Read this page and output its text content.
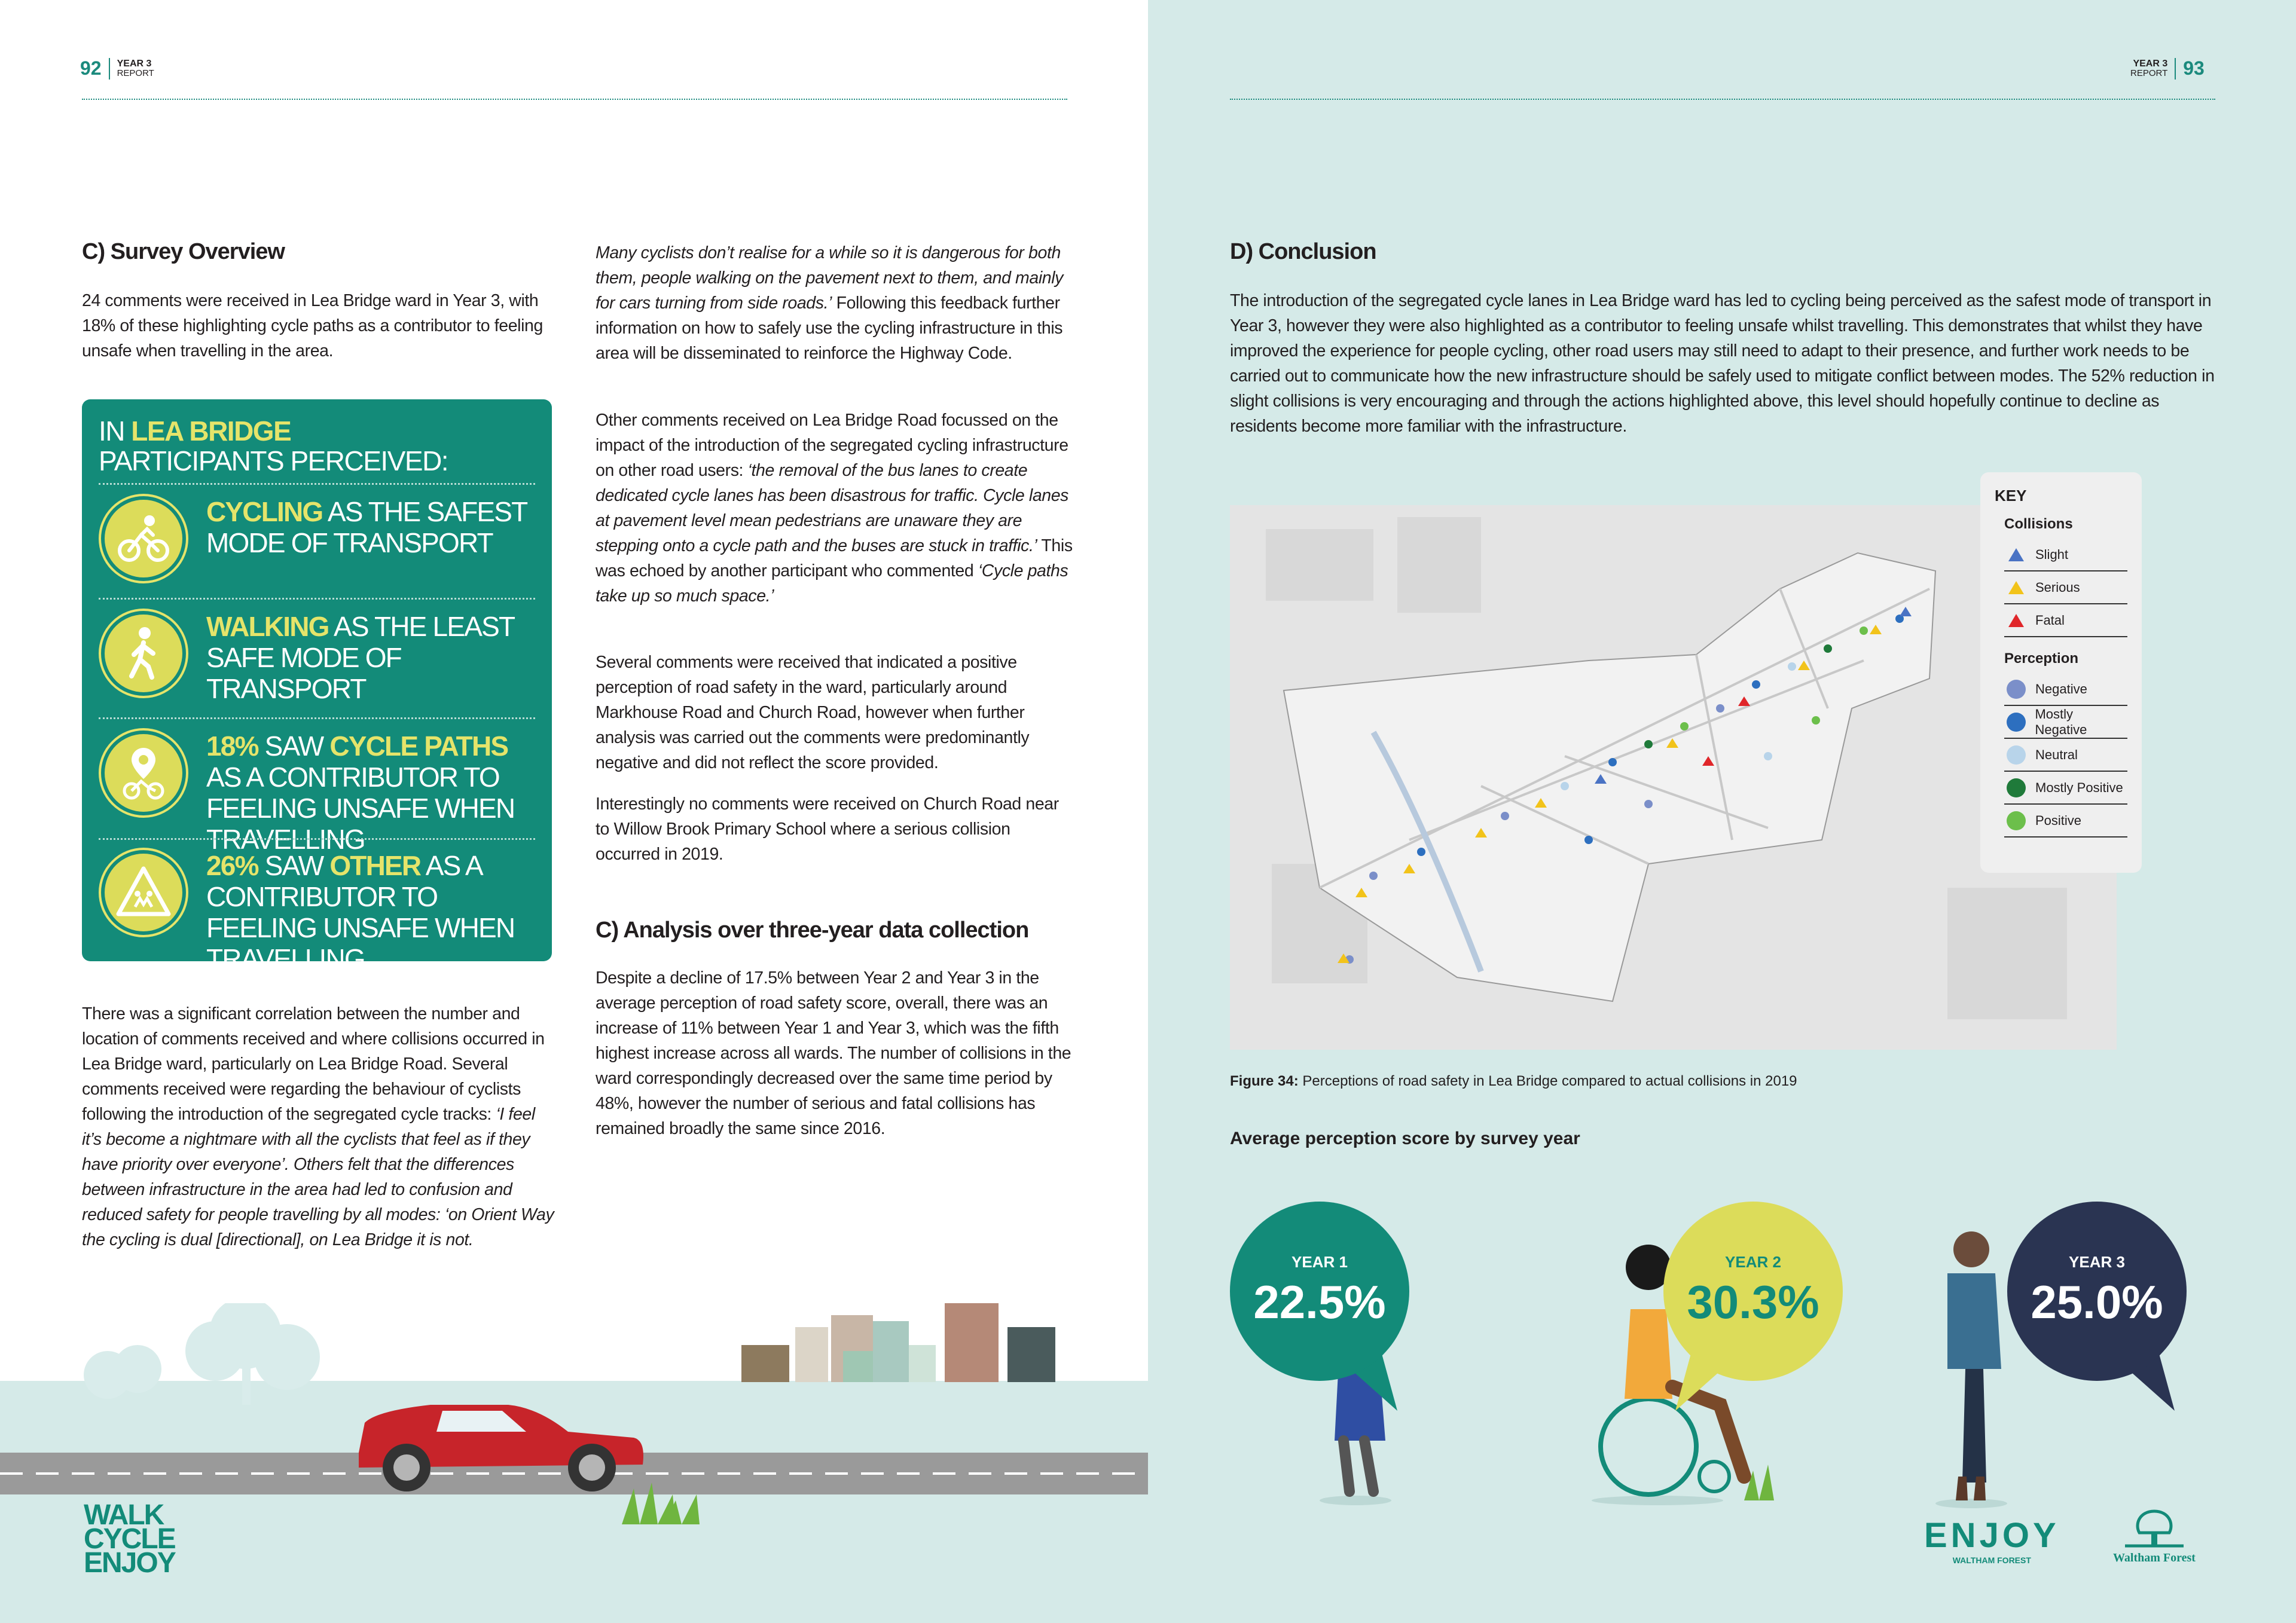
92 YEAR 3
REPORT
C) Survey Overview

24 comments were received in Lea Bridge ward in Year 3, with 18% of these highlighting cycle paths as a contributor to feeling unsafe when travelling in the area.

IN LEA BRIDGE
PARTICIPANTS PERCEIVED:
CYCLING AS THE SAFEST MODE OF TRANSPORT
WALKING AS THE LEAST SAFE MODE OF TRANSPORT
18% SAW CYCLE PATHS AS A CONTRIBUTOR TO FEELING UNSAFE WHEN TRAVELLING
26% SAW OTHER AS A CONTRIBUTOR TO FEELING UNSAFE WHEN TRAVELLING

There was a significant correlation between the number and location of comments received and where collisions occurred in Lea Bridge ward, particularly on Lea Bridge Road. Several comments received were regarding the behaviour of cyclists following the introduction of the segregated cycle tracks: ‘I feel it’s become a nightmare with all the cyclists that feel as if they have priority over everyone’. Others felt that the differences between infrastructure in the area had led to confusion and reduced safety for people travelling by all modes: ‘on Orient Way the cycling is dual [directional], on Lea Bridge it is not.

Many cyclists don’t realise for a while so it is dangerous for both them, people walking on the pavement next to them, and mainly for cars turning from side roads.’ Following this feedback further information on how to safely use the cycling infrastructure in this area will be disseminated to reinforce the Highway Code.

Other comments received on Lea Bridge Road focussed on the impact of the introduction of the segregated cycling infrastructure on other road users: ‘the removal of the bus lanes to create dedicated cycle lanes has been disastrous for traffic. Cycle lanes at pavement level mean pedestrians are unaware they are stepping onto a cycle path and the buses are stuck in traffic.’ This was echoed by another participant who commented ‘Cycle paths take up so much space.’

Several comments were received that indicated a positive perception of road safety in the ward, particularly around Markhouse Road and Church Road, however when further analysis was carried out the comments were predominantly negative and did not reflect the score provided.

Interestingly no comments were received on Church Road near to Willow Brook Primary School where a serious collision occurred in 2019.

C) Analysis over three-year data collection

Despite a decline of 17.5% between Year 2 and Year 3 in the average perception of road safety score, overall, there was an increase of 11% between Year 1 and Year 3, which was the fifth highest increase across all wards. The number of collisions in the ward correspondingly decreased over the same time period by 48%, however the number of serious and fatal collisions has remained broadly the same since 2016.

WALK
CYCLE
ENJOY
YEAR 3
REPORT 93
D) Conclusion

The introduction of the segregated cycle lanes in Lea Bridge ward has led to cycling being perceived as the safest mode of transport in Year 3, however they were also highlighted as a contributor to feeling unsafe whilst travelling. This demonstrates that whilst they have improved the experience for people cycling, other road users may still need to adapt to their presence, and further work needs to be carried out to communicate how the new infrastructure should be safely used to mitigate conflict between modes. The 52% reduction in slight collisions is very encouraging and through the actions highlighted above, this level should hopefully continue to decline as residents become more familiar with the infrastructure.

KEY
Collisions
Slight
Serious
Fatal
Perception
Negative
Mostly Negative
Neutral
Mostly Positive
Positive
Figure 34: Perceptions of road safety in Lea Bridge compared to actual collisions in 2019
Average perception score by survey year
YEAR 1
22.5%
YEAR 2
30.3%
YEAR 3
25.0%
ENJOY
WALTHAM FOREST	Waltham Forest
